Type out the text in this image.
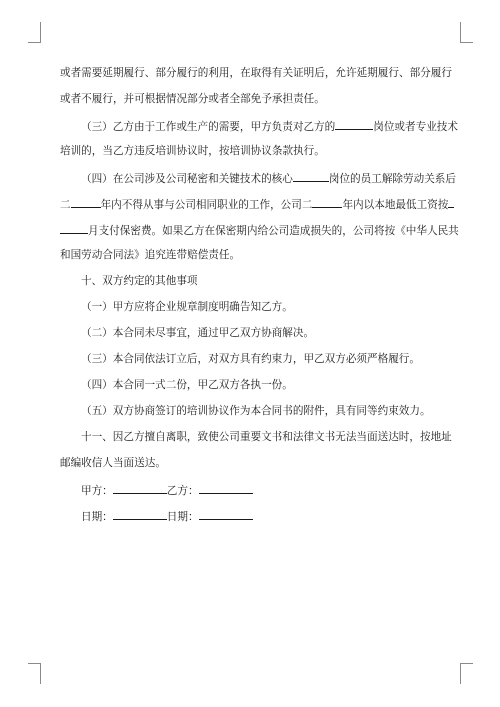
或者需要延期履行、部分履行的利用，在取得有关证明后，允许延期履行、部分履行
或者不履行，并可根据情况部分或者全部免予承担责任。
（三）乙方由于工作或生产的需要，甲方负责对乙方的	岗位或者专业技术
培训的，当乙方违反培训协议时，按培训协议条款执行。
（四）在公司涉及公司秘密和关键技术的核心	岗位的员工解除劳动关系后
二	年内不得从事与公司相同职业的工作，公司二	年内以本地最低工资按
月支付保密费。如果乙方在保密期内给公司造成损失的，公司将按《中华人民共
和国劳动合同法》追究连带赔偿责任。
十、双方约定的其他事项
（一）甲方应将企业规章制度明确告知乙方。
（二）本合同未尽事宜，通过甲乙双方协商解决。
（三）本合同依法订立后，对双方具有约束力，甲乙双方必须严格履行。
（四）本合同一式二份，甲乙双方各执一份。
（五）双方协商签订的培训协议作为本合同书的附件，具有同等约束效力。
十一、因乙方擅自离职，致使公司重要文书和法律文书无法当面送达时，按地址
邮编收信人当面送达。
甲方：	乙方：
日期：	日期：
